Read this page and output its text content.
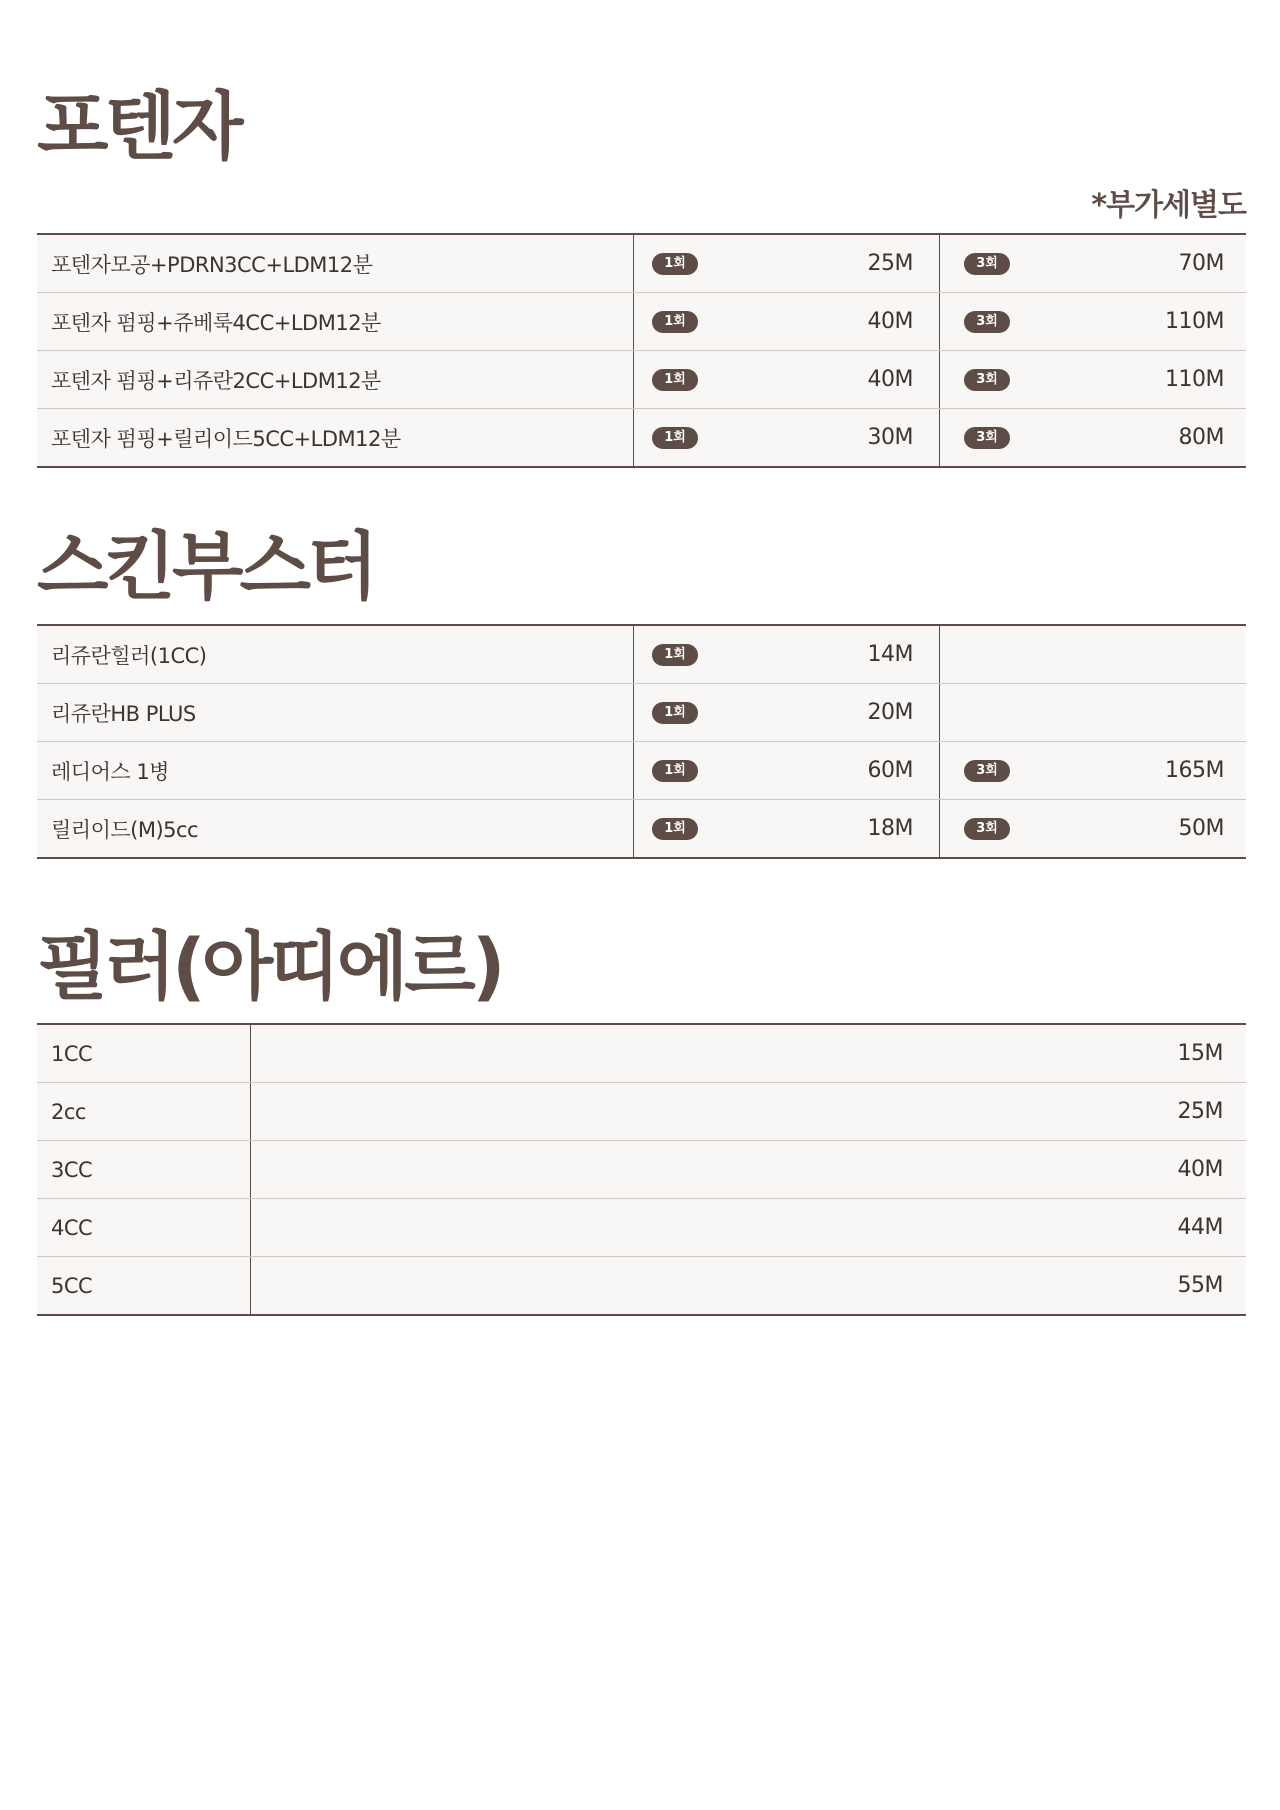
포텐자
*부가세별도
포텐자모공+PDRN3CC+LDM12분	1회 25M	3회 70M

포텐자 펌핑+쥬베룩4CC+LDM12분	1회 40M	3회 110M

포텐자 펌핑+리쥬란2CC+LDM12분	1회 40M	3회 110M

포텐자 펌핑+릴리이드5CC+LDM12분	1회 30M	3회 80M
스킨부스터
리쥬란힐러(1CC)	1회 14M	

리쥬란HB PLUS	1회 20M	

레디어스 1병	1회 60M	3회 165M

릴리이드(M)5cc	1회 18M	3회 50M
필러(아띠에르)
1CC	15M
2cc	25M
3CC	40M
4CC	44M
5CC	55M
